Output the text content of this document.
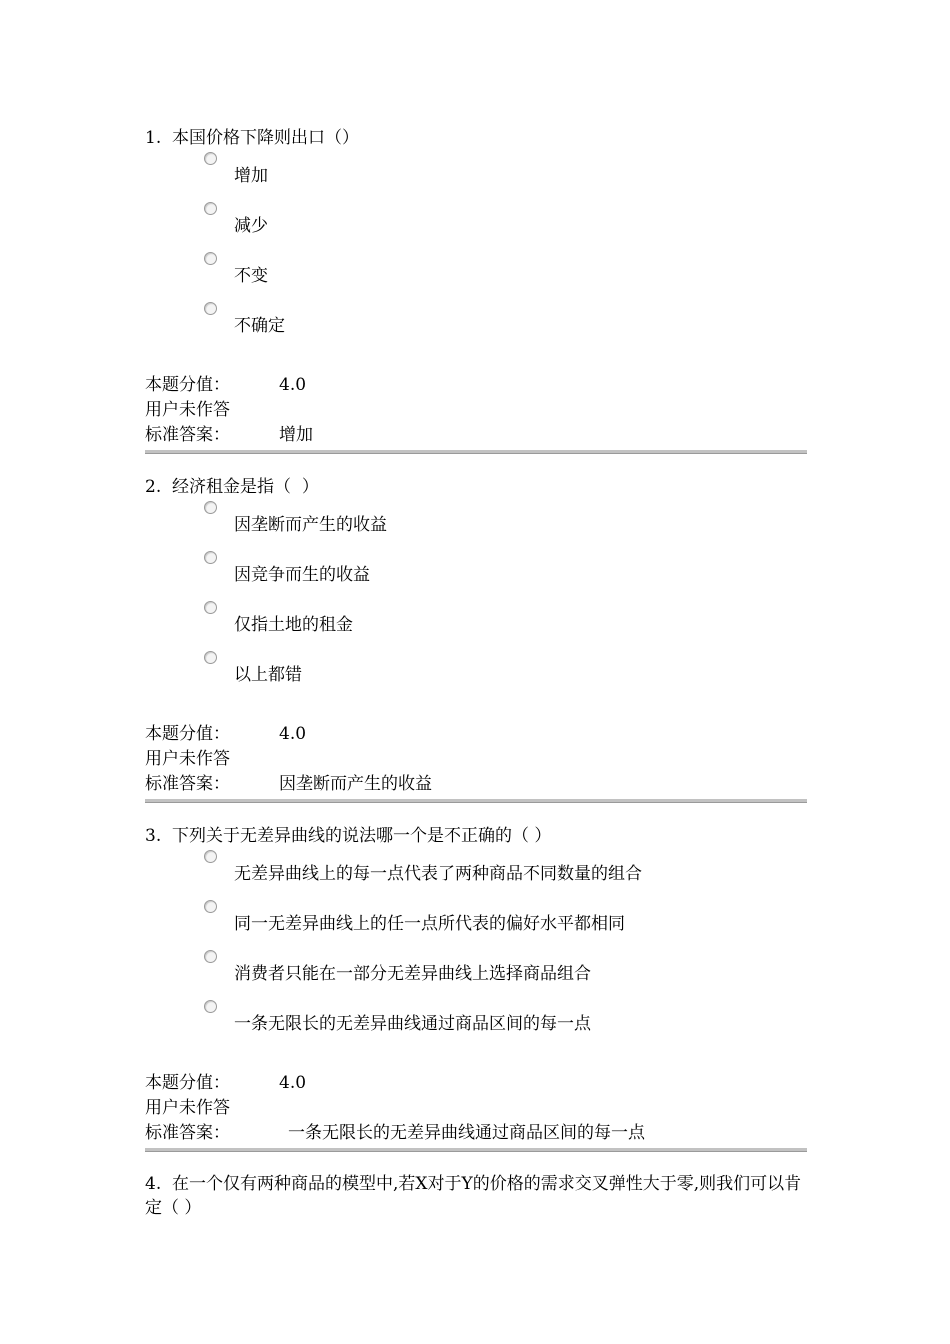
1.  本国价格下降则出口（）
增加
减少
不变
不确定
本题分值：	4.0
用户未作答
标准答案：	增加
2.  经济租金是指（  ）
因垄断而产生的收益
因竞争而生的收益
仅指土地的租金
以上都错
本题分值：	4.0
用户未作答
标准答案：	因垄断而产生的收益
3.  下列关于无差异曲线的说法哪一个是不正确的（ ）
无差异曲线上的每一点代表了两种商品不同数量的组合
同一无差异曲线上的任一点所代表的偏好水平都相同
消费者只能在一部分无差异曲线上选择商品组合
一条无限长的无差异曲线通过商品区间的每一点
本题分值：	4.0
用户未作答
标准答案：	一条无限长的无差异曲线通过商品区间的每一点
4.  在一个仅有两种商品的模型中,若X对于Y的价格的需求交叉弹性大于零,则我们可以肯定（ ）
